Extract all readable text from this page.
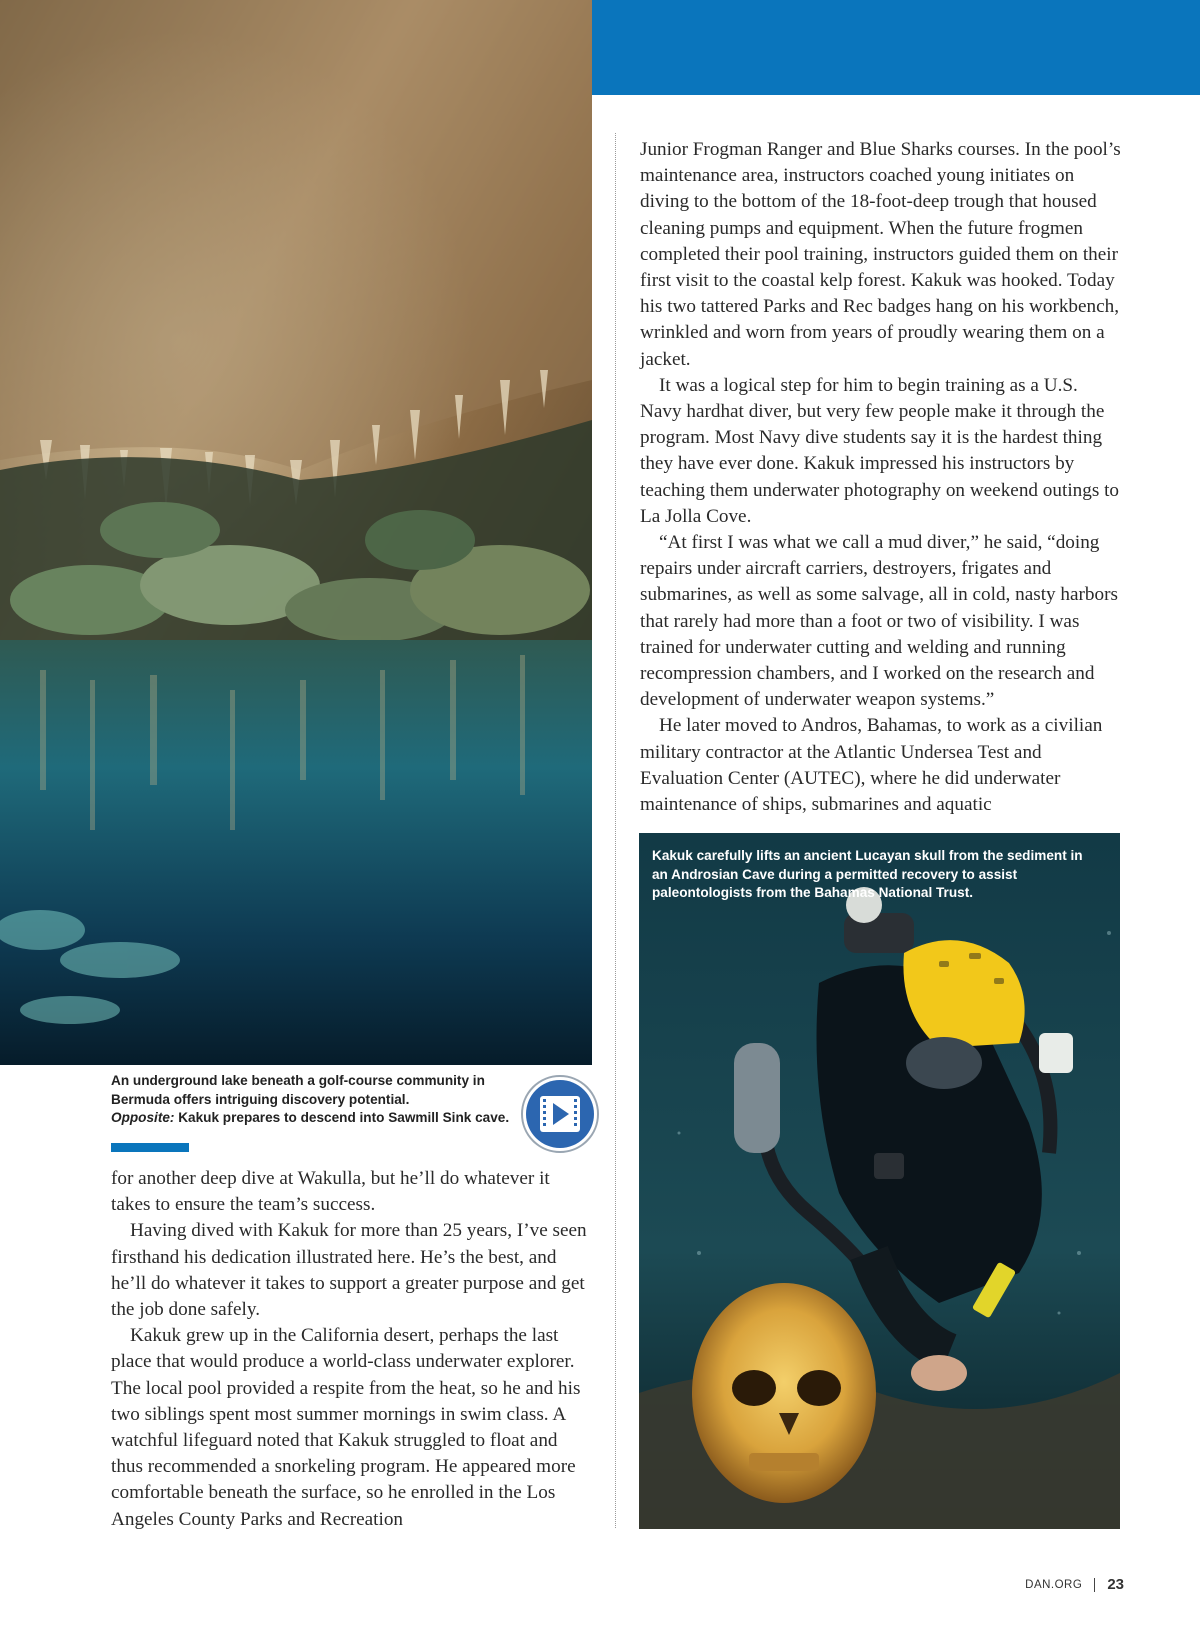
An underground lake beneath a golf-course community in Bermuda offers intriguing discovery potential.

Opposite: Kakuk prepares to descend into Sawmill Sink cave.

Junior Frogman Ranger and Blue Sharks courses. In the pool’s maintenance area, instructors coached young initiates on diving to the bottom of the 18-foot-deep trough that housed cleaning pumps and equipment. When the future frogmen completed their pool training, instructors guided them on their first visit to the coastal kelp forest. Kakuk was hooked. Today his two tattered Parks and Rec badges hang on his workbench, wrinkled and worn from years of proudly wearing them on a jacket.

It was a logical step for him to begin training as a U.S. Navy hardhat diver, but very few people make it through the program. Most Navy dive students say it is the hardest thing they have ever done. Kakuk impressed his instructors by teaching them underwater photography on weekend outings to La Jolla Cove.

“At first I was what we call a mud diver,” he said, “doing repairs under aircraft carriers, destroyers, frigates and submarines, as well as some salvage, all in cold, nasty harbors that rarely had more than a foot or two of visibility. I was trained for underwater cutting and welding and running recompression chambers, and I worked on the research and development of underwater weapon systems.”

He later moved to Andros, Bahamas, to work as a civilian military contractor at the Atlantic Undersea Test and Evaluation Center (AUTEC), where he did underwater maintenance of ships, submarines and aquatic

Kakuk carefully lifts an ancient Lucayan skull from the sediment in an Androsian Cave during a permitted recovery to assist paleontologists from the Bahamas National Trust.

for another deep dive at Wakulla, but he’ll do whatever it takes to ensure the team’s success.

Having dived with Kakuk for more than 25 years, I’ve seen firsthand his dedication illustrated here. He’s the best, and he’ll do whatever it takes to support a greater purpose and get the job done safely.

Kakuk grew up in the California desert, perhaps the last place that would produce a world-class underwater explorer. The local pool provided a respite from the heat, so he and his two siblings spent most summer mornings in swim class. A watchful lifeguard noted that Kakuk struggled to float and thus recommended a snorkeling program. He appeared more comfortable beneath the surface, so he enrolled in the Los Angeles County Parks and Recreation

DAN.ORG 23
